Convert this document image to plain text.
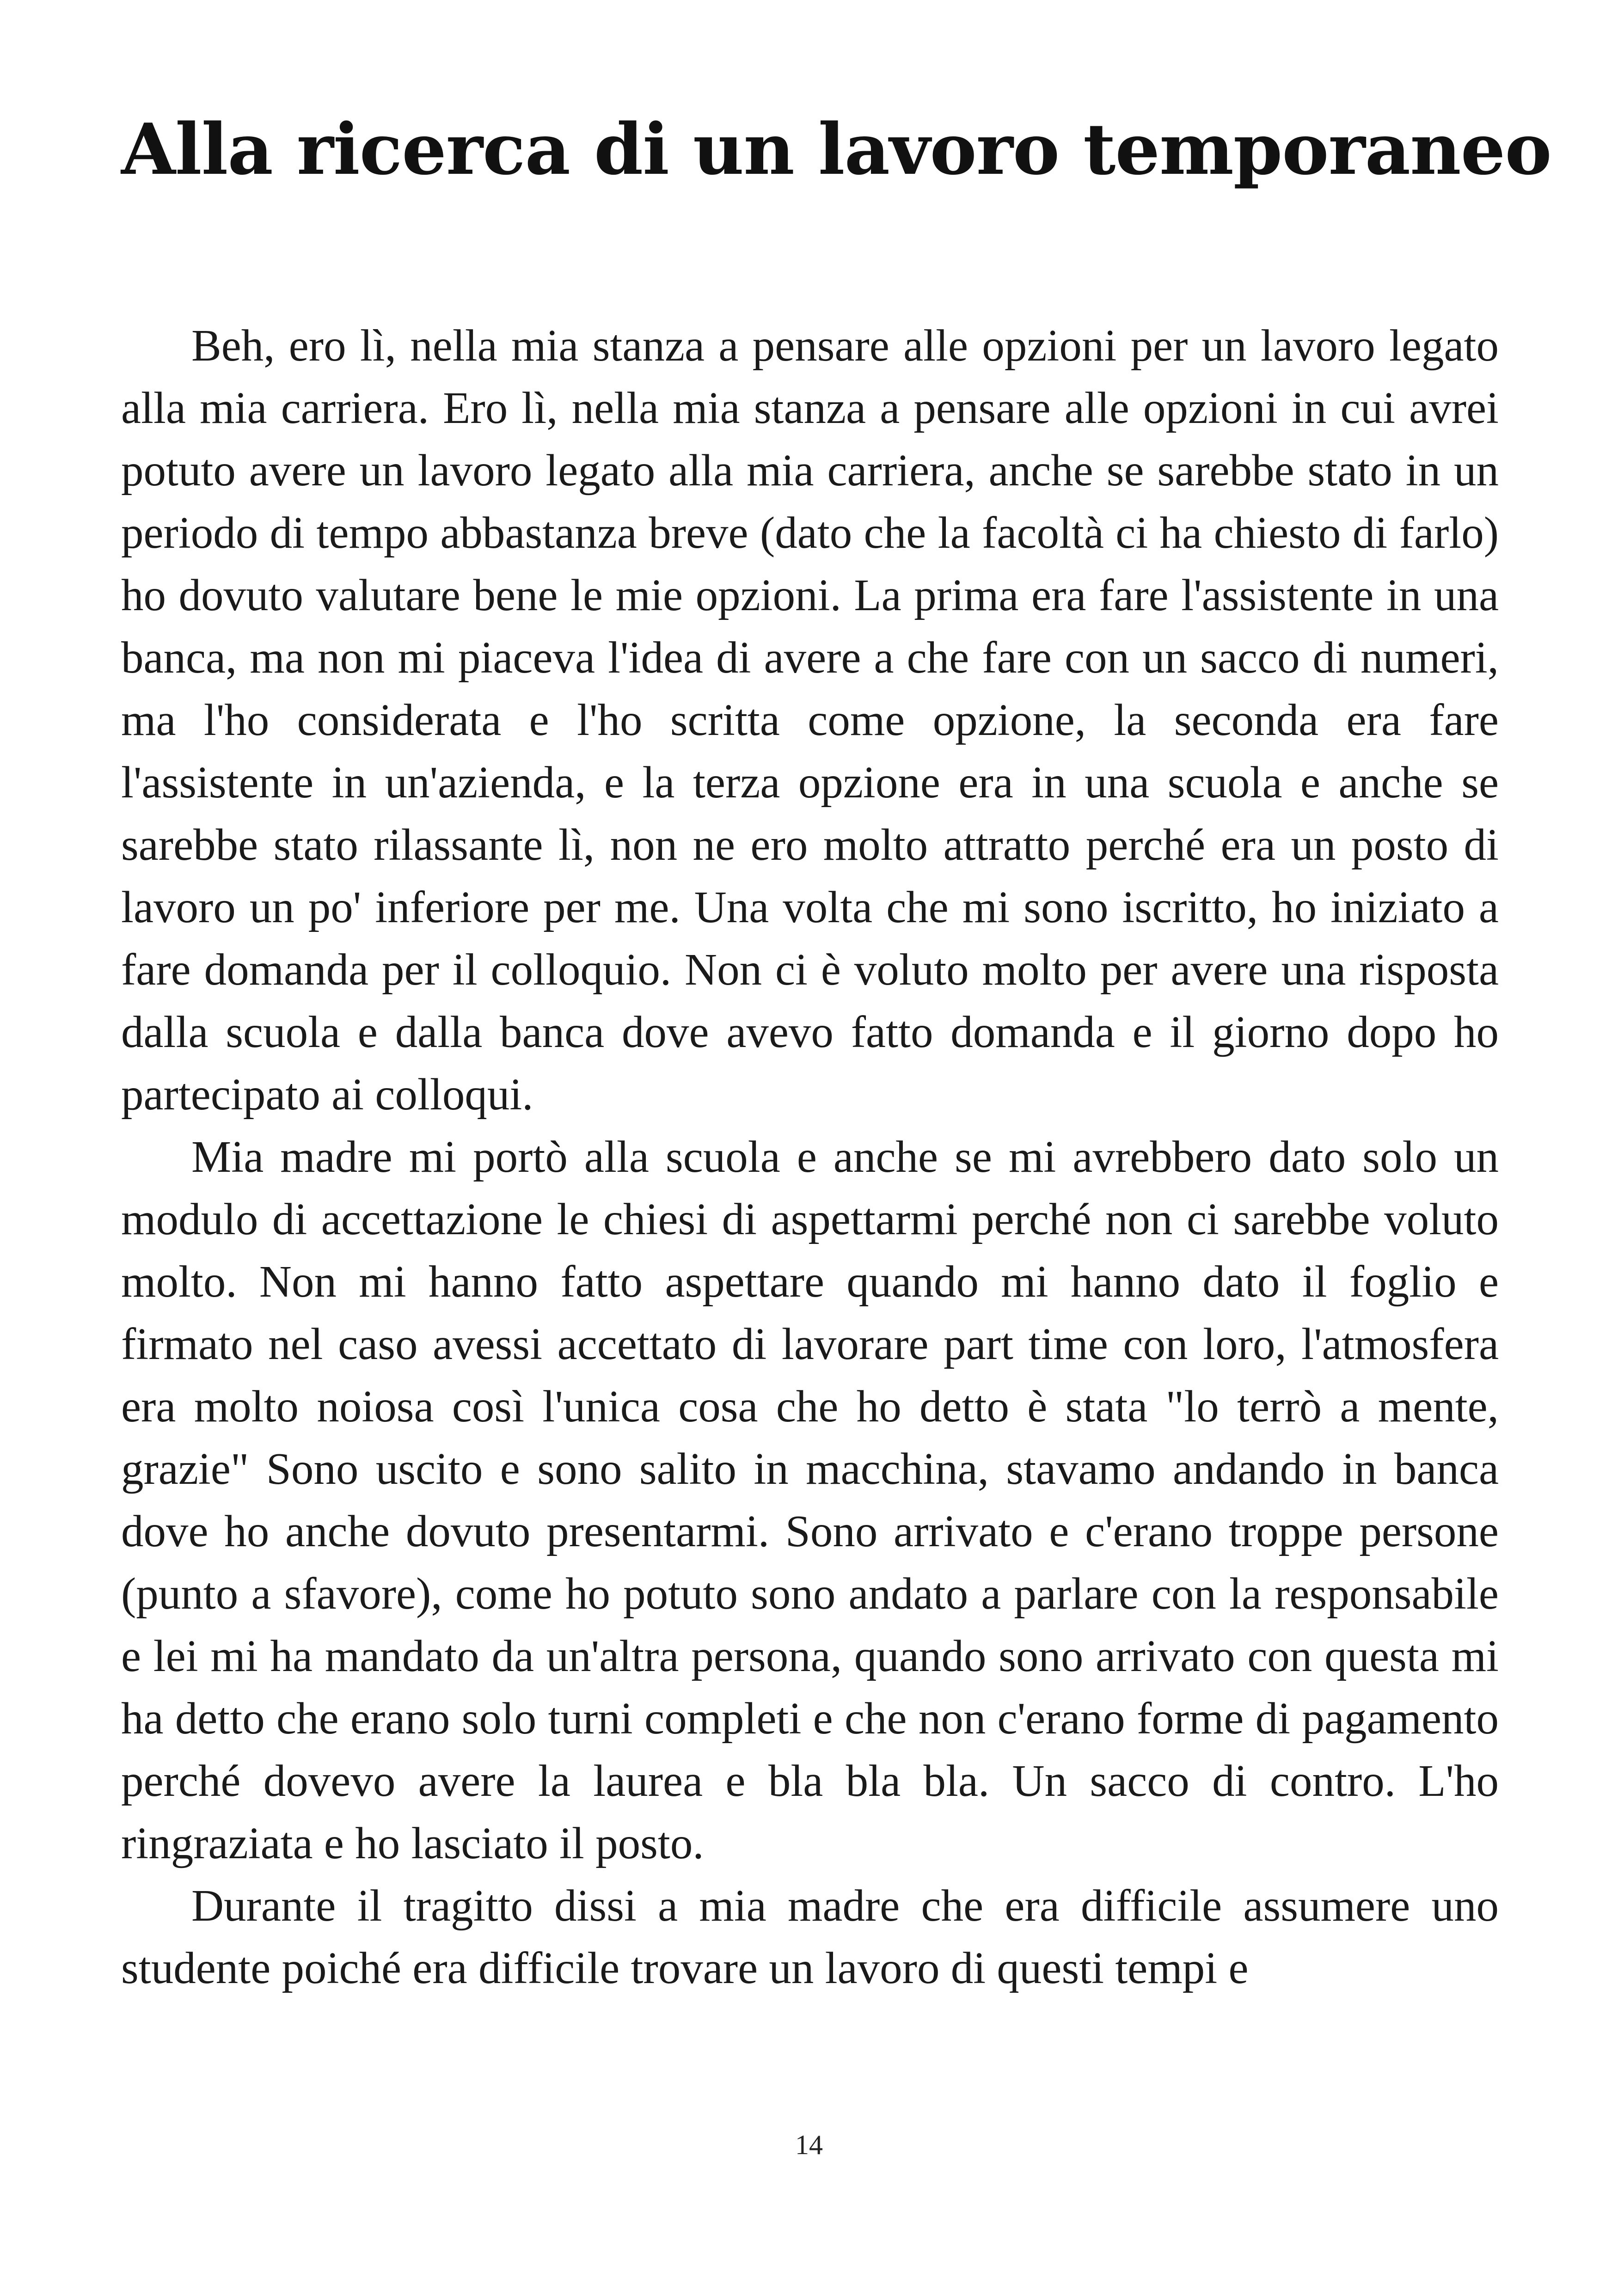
Alla ricerca di un lavoro temporaneo

Beh, ero lì, nella mia stanza a pensare alle opzioni per un lavoro legato alla mia carriera. Ero lì, nella mia stanza a pensare alle opzioni in cui avrei potuto avere un lavoro legato alla mia carriera, anche se sarebbe stato in un periodo di tempo abbastanza breve (dato che la facoltà ci ha chiesto di farlo) ho dovuto valutare bene le mie opzioni. La prima era fare l'assistente in una banca, ma non mi piaceva l'idea di avere a che fare con un sacco di numeri, ma l'ho considerata e l'ho scritta come opzione, la seconda era fare l'assistente in un'azienda, e la terza opzione era in una scuola e anche se sarebbe stato rilassante lì, non ne ero molto attratto perché era un posto di lavoro un po' inferiore per me. Una volta che mi sono iscritto, ho iniziato a fare domanda per il colloquio. Non ci è voluto molto per avere una risposta dalla scuola e dalla banca dove avevo fatto domanda e il giorno dopo ho partecipato ai colloqui.

Mia madre mi portò alla scuola e anche se mi avrebbero dato solo un modulo di accettazione le chiesi di aspettarmi perché non ci sarebbe voluto molto. Non mi hanno fatto aspettare quando mi hanno dato il foglio e firmato nel caso avessi accettato di lavorare part time con loro, l'atmosfera era molto noiosa così l'unica cosa che ho detto è stata "lo terrò a mente, grazie" Sono uscito e sono salito in macchina, stavamo andando in banca dove ho anche dovuto presentarmi. Sono arrivato e c'erano troppe persone (punto a sfavore), come ho potuto sono andato a parlare con la responsabile e lei mi ha mandato da un'altra persona, quando sono arrivato con questa mi ha detto che erano solo turni completi e che non c'erano forme di pagamento perché dovevo avere la laurea e bla bla bla. Un sacco di contro. L'ho ringraziata e ho lasciato il posto.

Durante il tragitto dissi a mia madre che era difficile assumere uno studente poiché era difficile trovare un lavoro di questi tempi e

14
